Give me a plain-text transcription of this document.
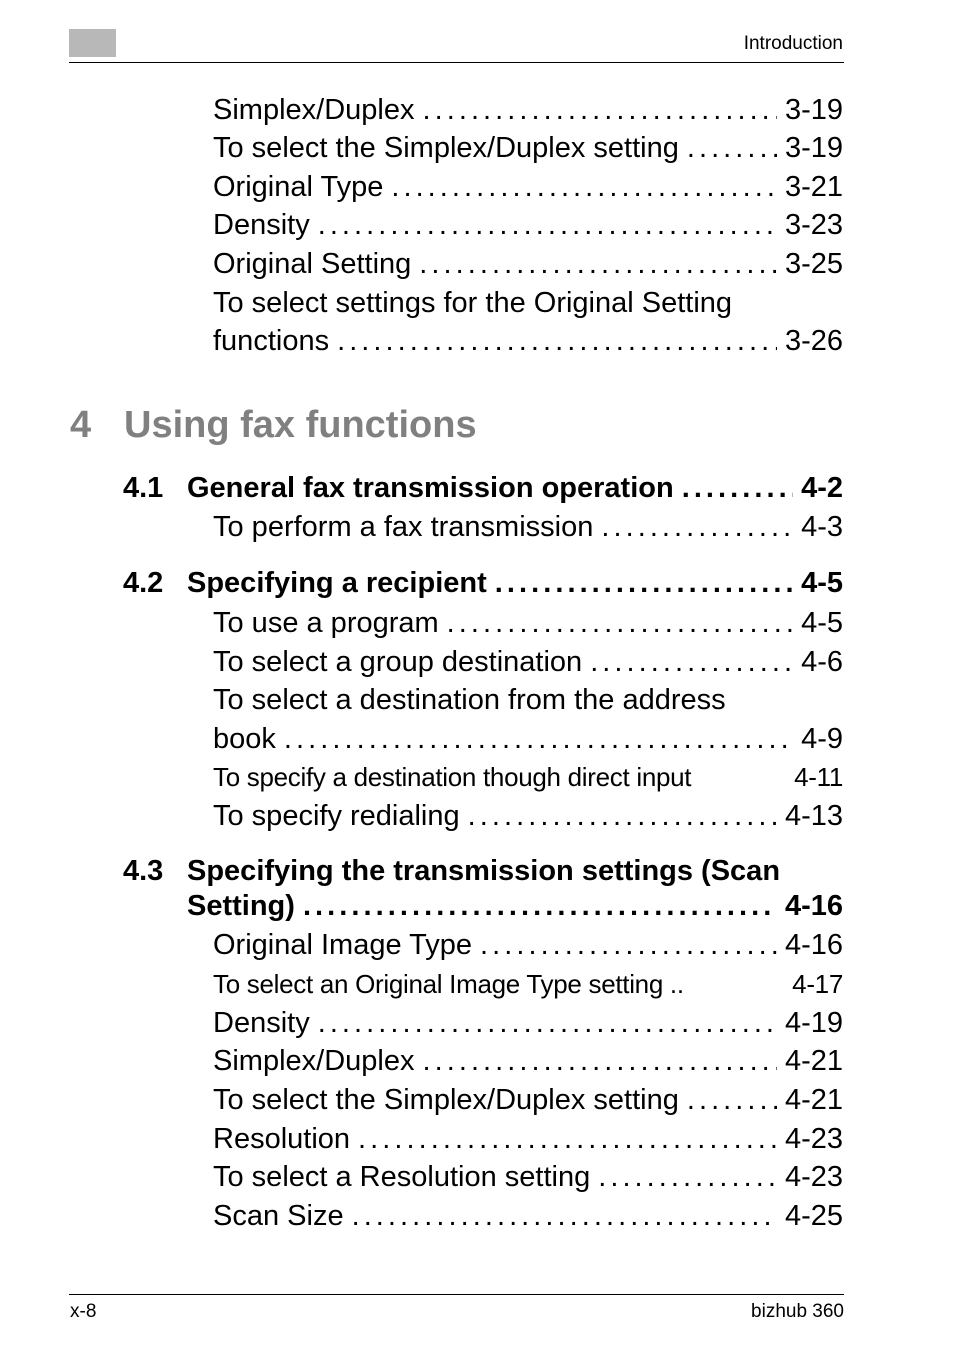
Introduction
Simplex/Duplex . . .	3-19
To select the Simplex/Duplex setting . . .	3-19
Original Type . . .	3-21
Density . . .	3-23
Original Setting . . .	3-25
To select settings for the Original Setting
functions . . .	3-26
4 Using fax functions
4.1 General fax transmission operation . . .	4-2
To perform a fax transmission . . .	4-3
4.2 Specifying a recipient . . .	4-5
To use a program . . .	4-5
To select a group destination . . .	4-6
To select a destination from the address
book . . .	4-9
To specify a destination though direct input	4-11
To specify redialing . . .	4-13
4.3 Specifying the transmission settings (Scan
Setting) . . .	4-16
Original Image Type . . .	4-16
To select an Original Image Type setting ..	4-17
Density . . .	4-19
Simplex/Duplex . . .	4-21
To select the Simplex/Duplex setting . . .	4-21
Resolution . . .	4-23
To select a Resolution setting . . .	4-23
Scan Size . . .	4-25
x-8	bizhub 360
